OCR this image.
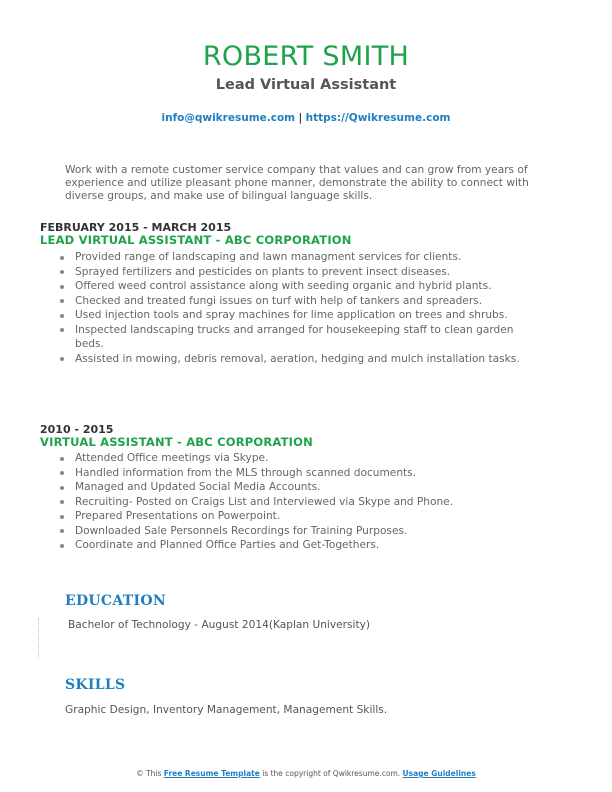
ROBERT SMITH
Lead Virtual Assistant
info@qwikresume.com | https://Qwikresume.com
Work with a remote customer service company that values and can grow from years of experience and utilize pleasant phone manner, demonstrate the ability to connect with diverse groups, and make use of bilingual language skills.
FEBRUARY 2015 - MARCH 2015
LEAD VIRTUAL ASSISTANT - ABC CORPORATION
Provided range of landscaping and lawn managment services for clients.
Sprayed fertilizers and pesticides on plants to prevent insect diseases.
Offered weed control assistance along with seeding organic and hybrid plants.
Checked and treated fungi issues on turf with help of tankers and spreaders.
Used injection tools and spray machines for lime application on trees and shrubs.
Inspected landscaping trucks and arranged for housekeeping staff to clean garden beds.
Assisted in mowing, debris removal, aeration, hedging and mulch installation tasks.
2010 - 2015
VIRTUAL ASSISTANT - ABC CORPORATION
Attended Office meetings via Skype.
Handled information from the MLS through scanned documents.
Managed and Updated Social Media Accounts.
Recruiting- Posted on Craigs List and Interviewed via Skype and Phone.
Prepared Presentations on Powerpoint.
Downloaded Sale Personnels Recordings for Training Purposes.
Coordinate and Planned Office Parties and Get-Togethers.
EDUCATION
Bachelor of Technology - August 2014(Kaplan University)
SKILLS
Graphic Design, Inventory Management, Management Skills.
© This Free Resume Template is the copyright of Qwikresume.com. Usage Guidelines
